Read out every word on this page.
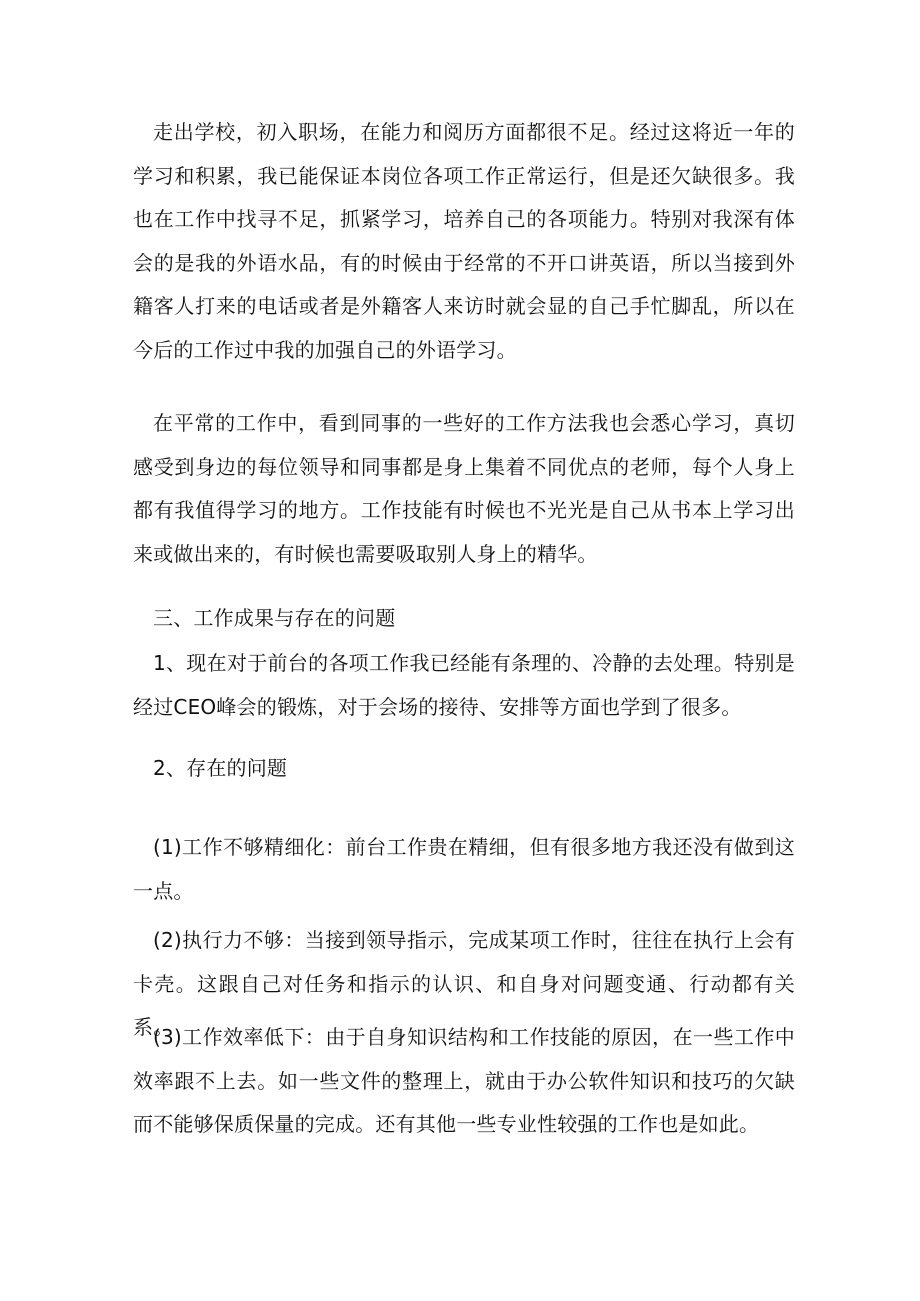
走出学校，初入职场，在能力和阅历方面都很不足。经过这将近一年的学习和积累，我已能保证本岗位各项工作正常运行，但是还欠缺很多。我也在工作中找寻不足，抓紧学习，培养自己的各项能力。特别对我深有体会的是我的外语水品，有的时候由于经常的不开口讲英语，所以当接到外籍客人打来的电话或者是外籍客人来访时就会显的自己手忙脚乱，所以在今后的工作过中我的加强自己的外语学习。

在平常的工作中，看到同事的一些好的工作方法我也会悉心学习，真切感受到身边的每位领导和同事都是身上集着不同优点的老师，每个人身上都有我值得学习的地方。工作技能有时候也不光光是自己从书本上学习出来或做出来的，有时候也需要吸取别人身上的精华。

三、工作成果与存在的问题

1、现在对于前台的各项工作我已经能有条理的、冷静的去处理。特别是经过CEO峰会的锻炼，对于会场的接待、安排等方面也学到了很多。

2、存在的问题

(1)工作不够精细化：前台工作贵在精细，但有很多地方我还没有做到这一点。

(2)执行力不够：当接到领导指示，完成某项工作时，往往在执行上会有卡壳。这跟自己对任务和指示的认识、和自身对问题变通、行动都有关系。

(3)工作效率低下：由于自身知识结构和工作技能的原因，在一些工作中效率跟不上去。如一些文件的整理上，就由于办公软件知识和技巧的欠缺而不能够保质保量的完成。还有其他一些专业性较强的工作也是如此。
